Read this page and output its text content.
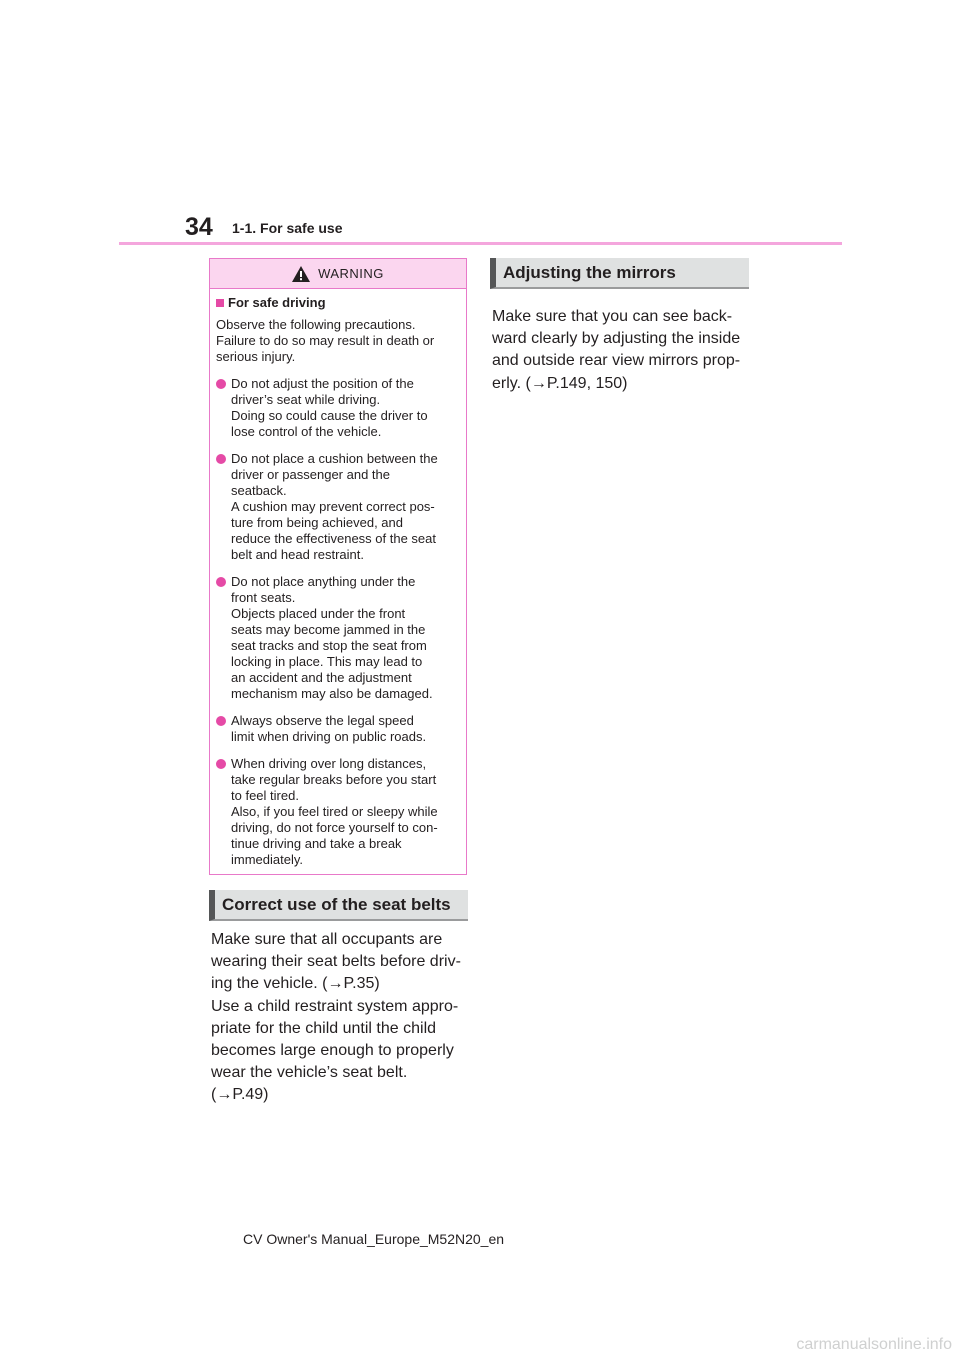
34 1-1. For safe use
WARNING
For safe driving
Observe the following precautions.
Failure to do so may result in death or serious injury.
Do not adjust the position of the
driver’s seat while driving.
Doing so could cause the driver to
lose control of the vehicle.
Do not place a cushion between the
driver or passenger and the
seatback.
A cushion may prevent correct pos-
ture from being achieved, and
reduce the effectiveness of the seat
belt and head restraint.
Do not place anything under the
front seats.
Objects placed under the front
seats may become jammed in the
seat tracks and stop the seat from
locking in place. This may lead to
an accident and the adjustment
mechanism may also be damaged.
Always observe the legal speed
limit when driving on public roads.
When driving over long distances,
take regular breaks before you start
to feel tired.
Also, if you feel tired or sleepy while
driving, do not force yourself to con-
tinue driving and take a break
immediately.
Correct use of the seat belts
Make sure that all occupants are
wearing their seat belts before driv-
ing the vehicle. (→P.35)
Use a child restraint system appro-
priate for the child until the child
becomes large enough to properly
wear the vehicle’s seat belt.
(→P.49)
Adjusting the mirrors
Make sure that you can see back-
ward clearly by adjusting the inside
and outside rear view mirrors prop-
erly. (→P.149, 150)
CV Owner's Manual_Europe_M52N20_en
carmanualsonline.info
